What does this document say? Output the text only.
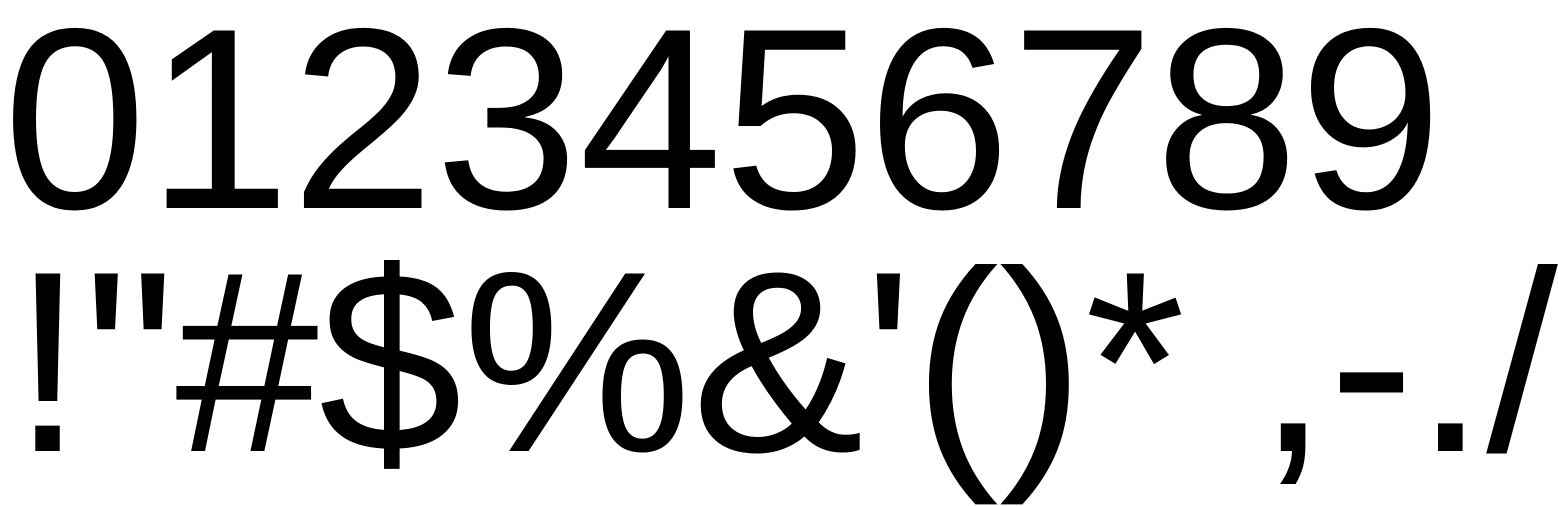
0123456789
!"#$%&'()* ,-./
